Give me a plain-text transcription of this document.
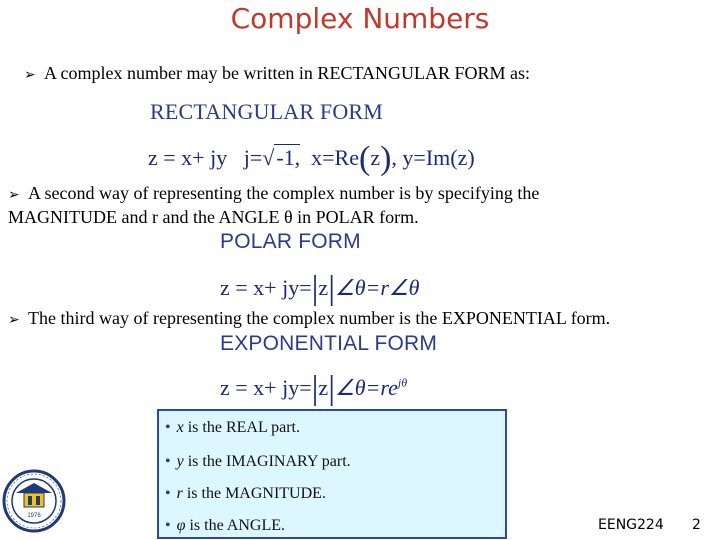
Complex Numbers
➢ A complex number may be written in RECTANGULAR FORM as:
RECTANGULAR FORM
z = x+ jy j=√-1, x=Re(z), y=Im(z)
➢ A second way of representing the complex number is by specifying the
MAGNITUDE and r and the ANGLE θ in POLAR form.
POLAR FORM
z = x+ jy=|z|∠θ=r∠θ
➢ The third way of representing the complex number is the EXPONENTIAL form.
EXPONENTIAL FORM
$z = x+ jy=|z|\angle\theta=re^{j\theta}$
• x is the REAL part.
• y is the IMAGINARY part.
• r is the MAGNITUDE.
• φ is the ANGLE.
1976
EENG224 2
